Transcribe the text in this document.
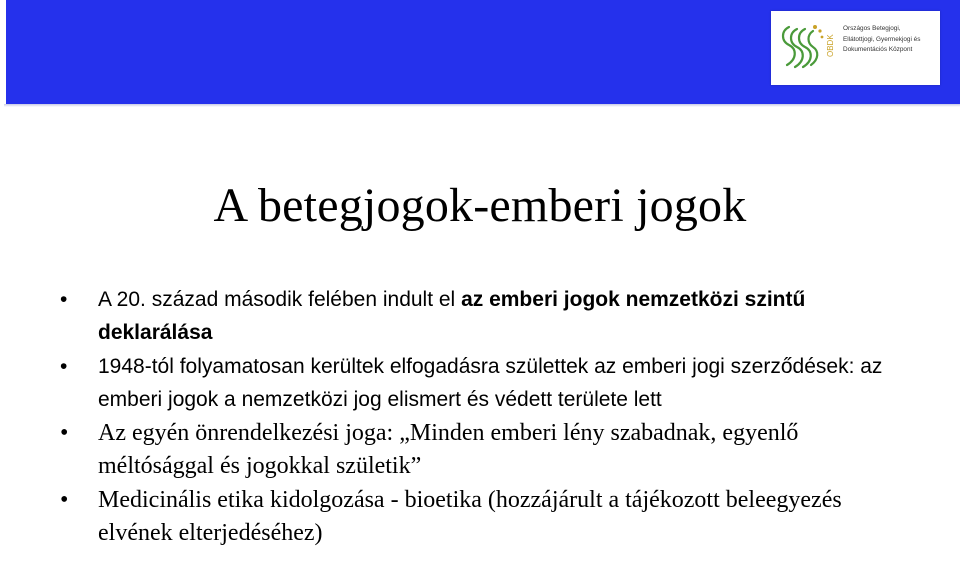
OBDK
Országos Betegjogi,
Ellátottjogi, Gyermekjogi és
Dokumentációs Központ
A betegjogok-emberi jogok
• A 20. század második felében indult el az emberi jogok nemzetközi szintű deklarálása
• 1948-tól folyamatosan kerültek elfogadásra születtek az emberi jogi szerződések: az emberi jogok a nemzetközi jog elismert és védett területe lett
• Az egyén önrendelkezési joga: „Minden emberi lény szabadnak, egyenlő méltósággal és jogokkal születik”
• Medicinális etika kidolgozása - bioetika (hozzájárult a tájékozott beleegyezés elvének elterjedéséhez)
